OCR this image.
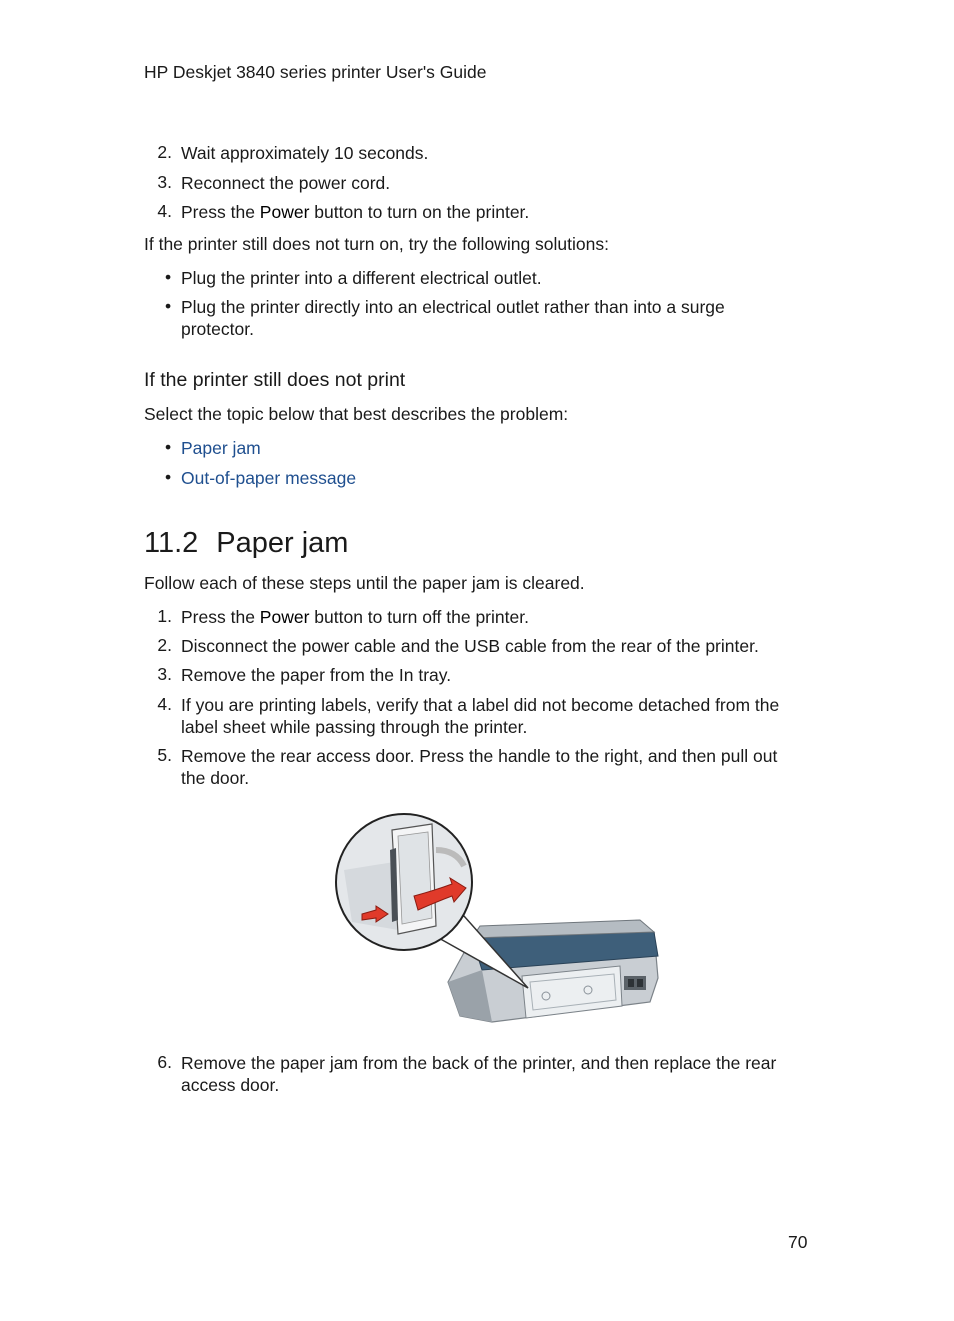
HP Deskjet 3840 series printer User's Guide
2. Wait approximately 10 seconds.
3. Reconnect the power cord.
4. Press the Power button to turn on the printer.
If the printer still does not turn on, try the following solutions:
• Plug the printer into a different electrical outlet.
• Plug the printer directly into an electrical outlet rather than into a surge
protector.
If the printer still does not print
Select the topic below that best describes the problem:
• Paper jam
• Out-of-paper message
11.2 Paper jam
Follow each of these steps until the paper jam is cleared.
1. Press the Power button to turn off the printer.
2. Disconnect the power cable and the USB cable from the rear of the printer.
3. Remove the paper from the In tray.
4. If you are printing labels, verify that a label did not become detached from the
label sheet while passing through the printer.
5. Remove the rear access door. Press the handle to the right, and then pull out
the door.
6. Remove the paper jam from the back of the printer, and then replace the rear
access door.
70
